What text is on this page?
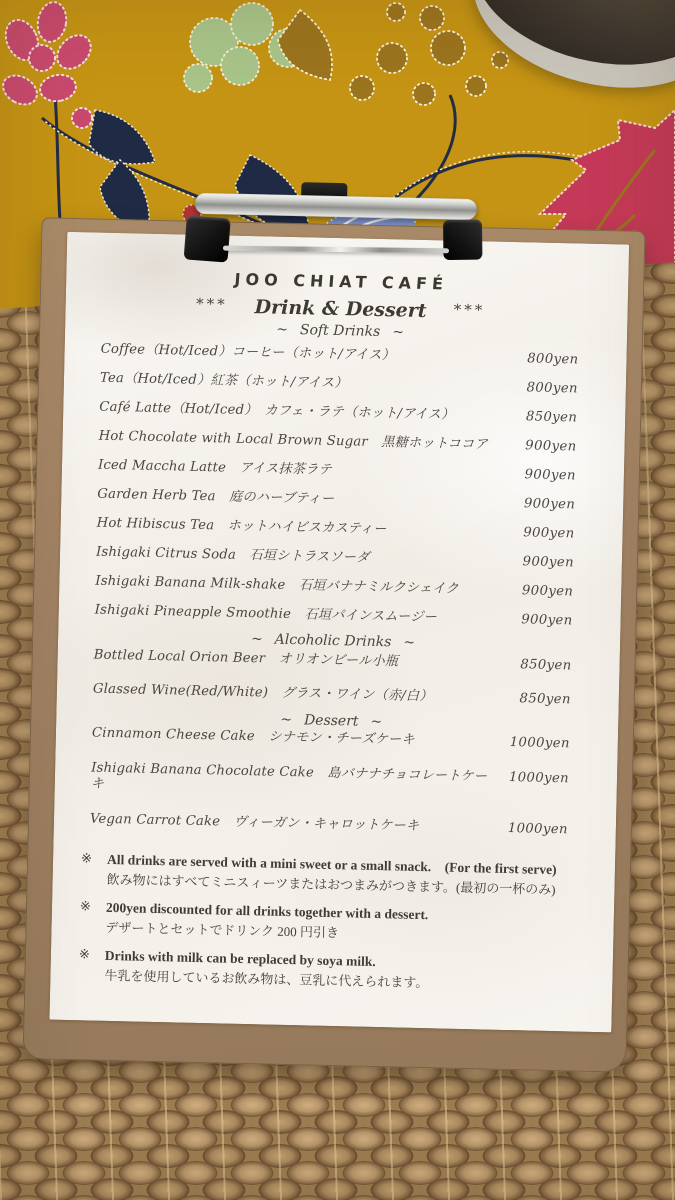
JOO CHIAT CAFÉ
*** Drink & Dessert ***
~ Soft Drinks ~
Coffee（Hot/Iced）コーヒー（ホット/アイス）	800yen
Tea（Hot/Iced）紅茶（ホット/アイス）	800yen
Café Latte（Hot/Iced）　カフェ・ラテ（ホット/アイス）	850yen
Hot Chocolate with Local Brown Sugar　黒糖ホットココア	900yen
Iced Maccha Latte　アイス抹茶ラテ	900yen
Garden Herb Tea　庭のハーブティー	900yen
Hot Hibiscus Tea　ホットハイビスカスティー	900yen
Ishigaki Citrus Soda　石垣シトラスソーダ	900yen
Ishigaki Banana Milk-shake　石垣バナナミルクシェイク	900yen
Ishigaki Pineapple Smoothie　石垣パインスムージー	900yen
~ Alcoholic Drinks ~
Bottled Local Orion Beer　オリオンビール小瓶	850yen
Glassed Wine(Red/White)　グラス・ワイン（赤/白）	850yen
~ Dessert ~
Cinnamon Cheese Cake　シナモン・チーズケーキ	1000yen
Ishigaki Banana Chocolate Cake　島バナナチョコレートケーキ	1000yen
Vegan Carrot Cake　ヴィーガン・キャロットケーキ	1000yen
※	All drinks are served with a mini sweet or a small snack.　(For the first serve)
飲み物にはすべてミニスィーツまたはおつまみがつきます。(最初の一杯のみ)
※	200yen discounted for all drinks together with a dessert.
デザートとセットでドリンク 200 円引き
※	Drinks with milk can be replaced by soya milk.
牛乳を使用しているお飲み物は、豆乳に代えられます。
